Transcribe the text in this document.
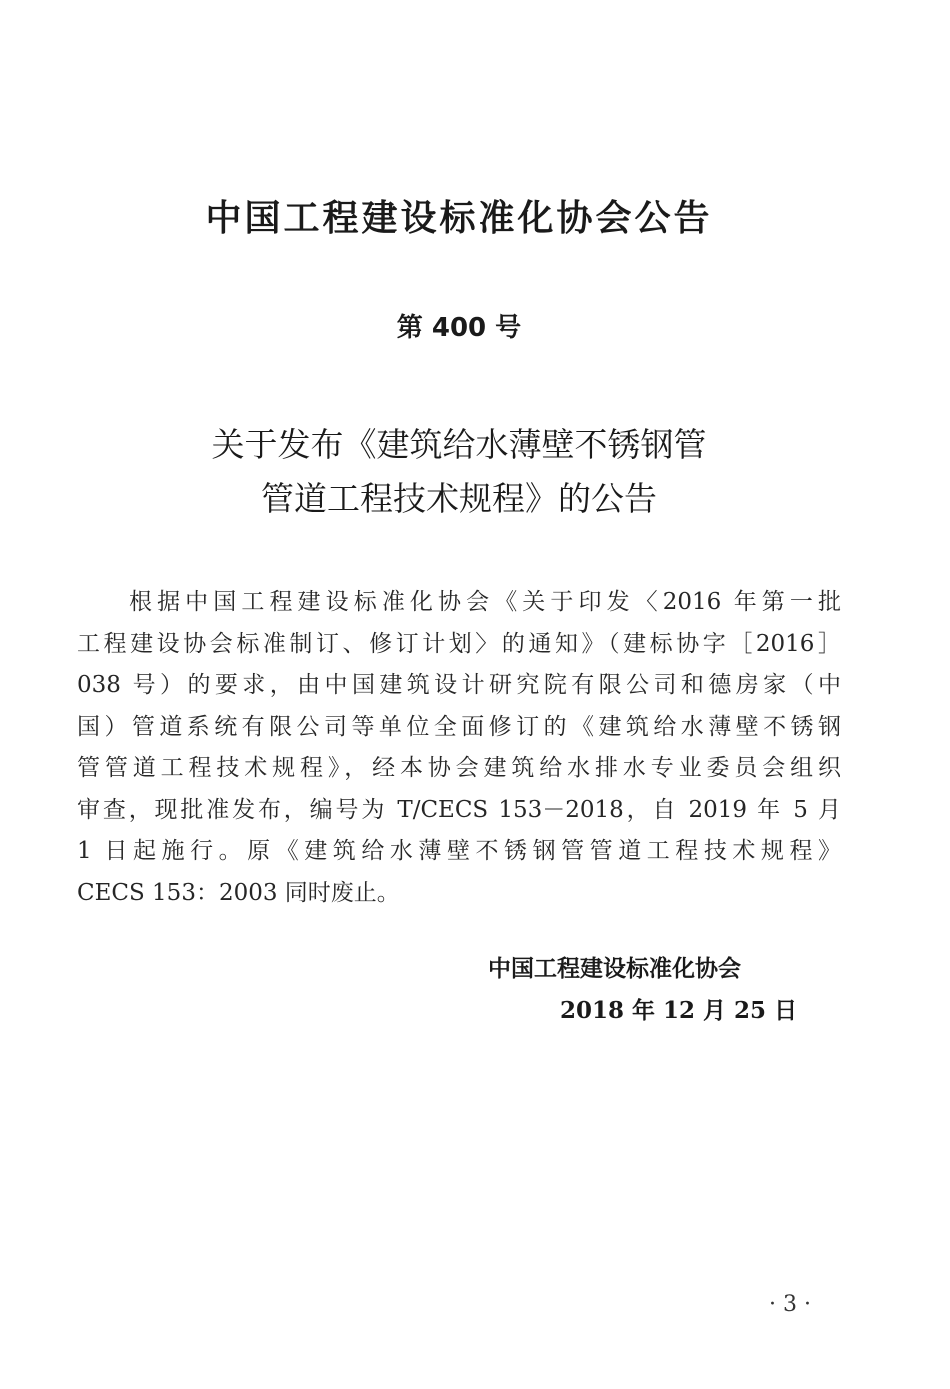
中国工程建设标准化协会公告
第 400 号
关于发布《建筑给水薄壁不锈钢管
管道工程技术规程》的公告
根据中国工程建设标准化协会《关于印发〈2016 年第一批
工程建设协会标准制订、修订计划〉的通知》（建标协字［2016］
038 号）的要求，由中国建筑设计研究院有限公司和德房家（中
国）管道系统有限公司等单位全面修订的《建筑给水薄壁不锈钢
管管道工程技术规程》，经本协会建筑给水排水专业委员会组织
审查，现批准发布，编号为 T/CECS 153－2018，自 2019 年 5 月
1 日起施行。原《建筑给水薄壁不锈钢管管道工程技术规程》
CECS 153：2003 同时废止。
中国工程建设标准化协会
2018 年 12 月 25 日
· 3 ·
